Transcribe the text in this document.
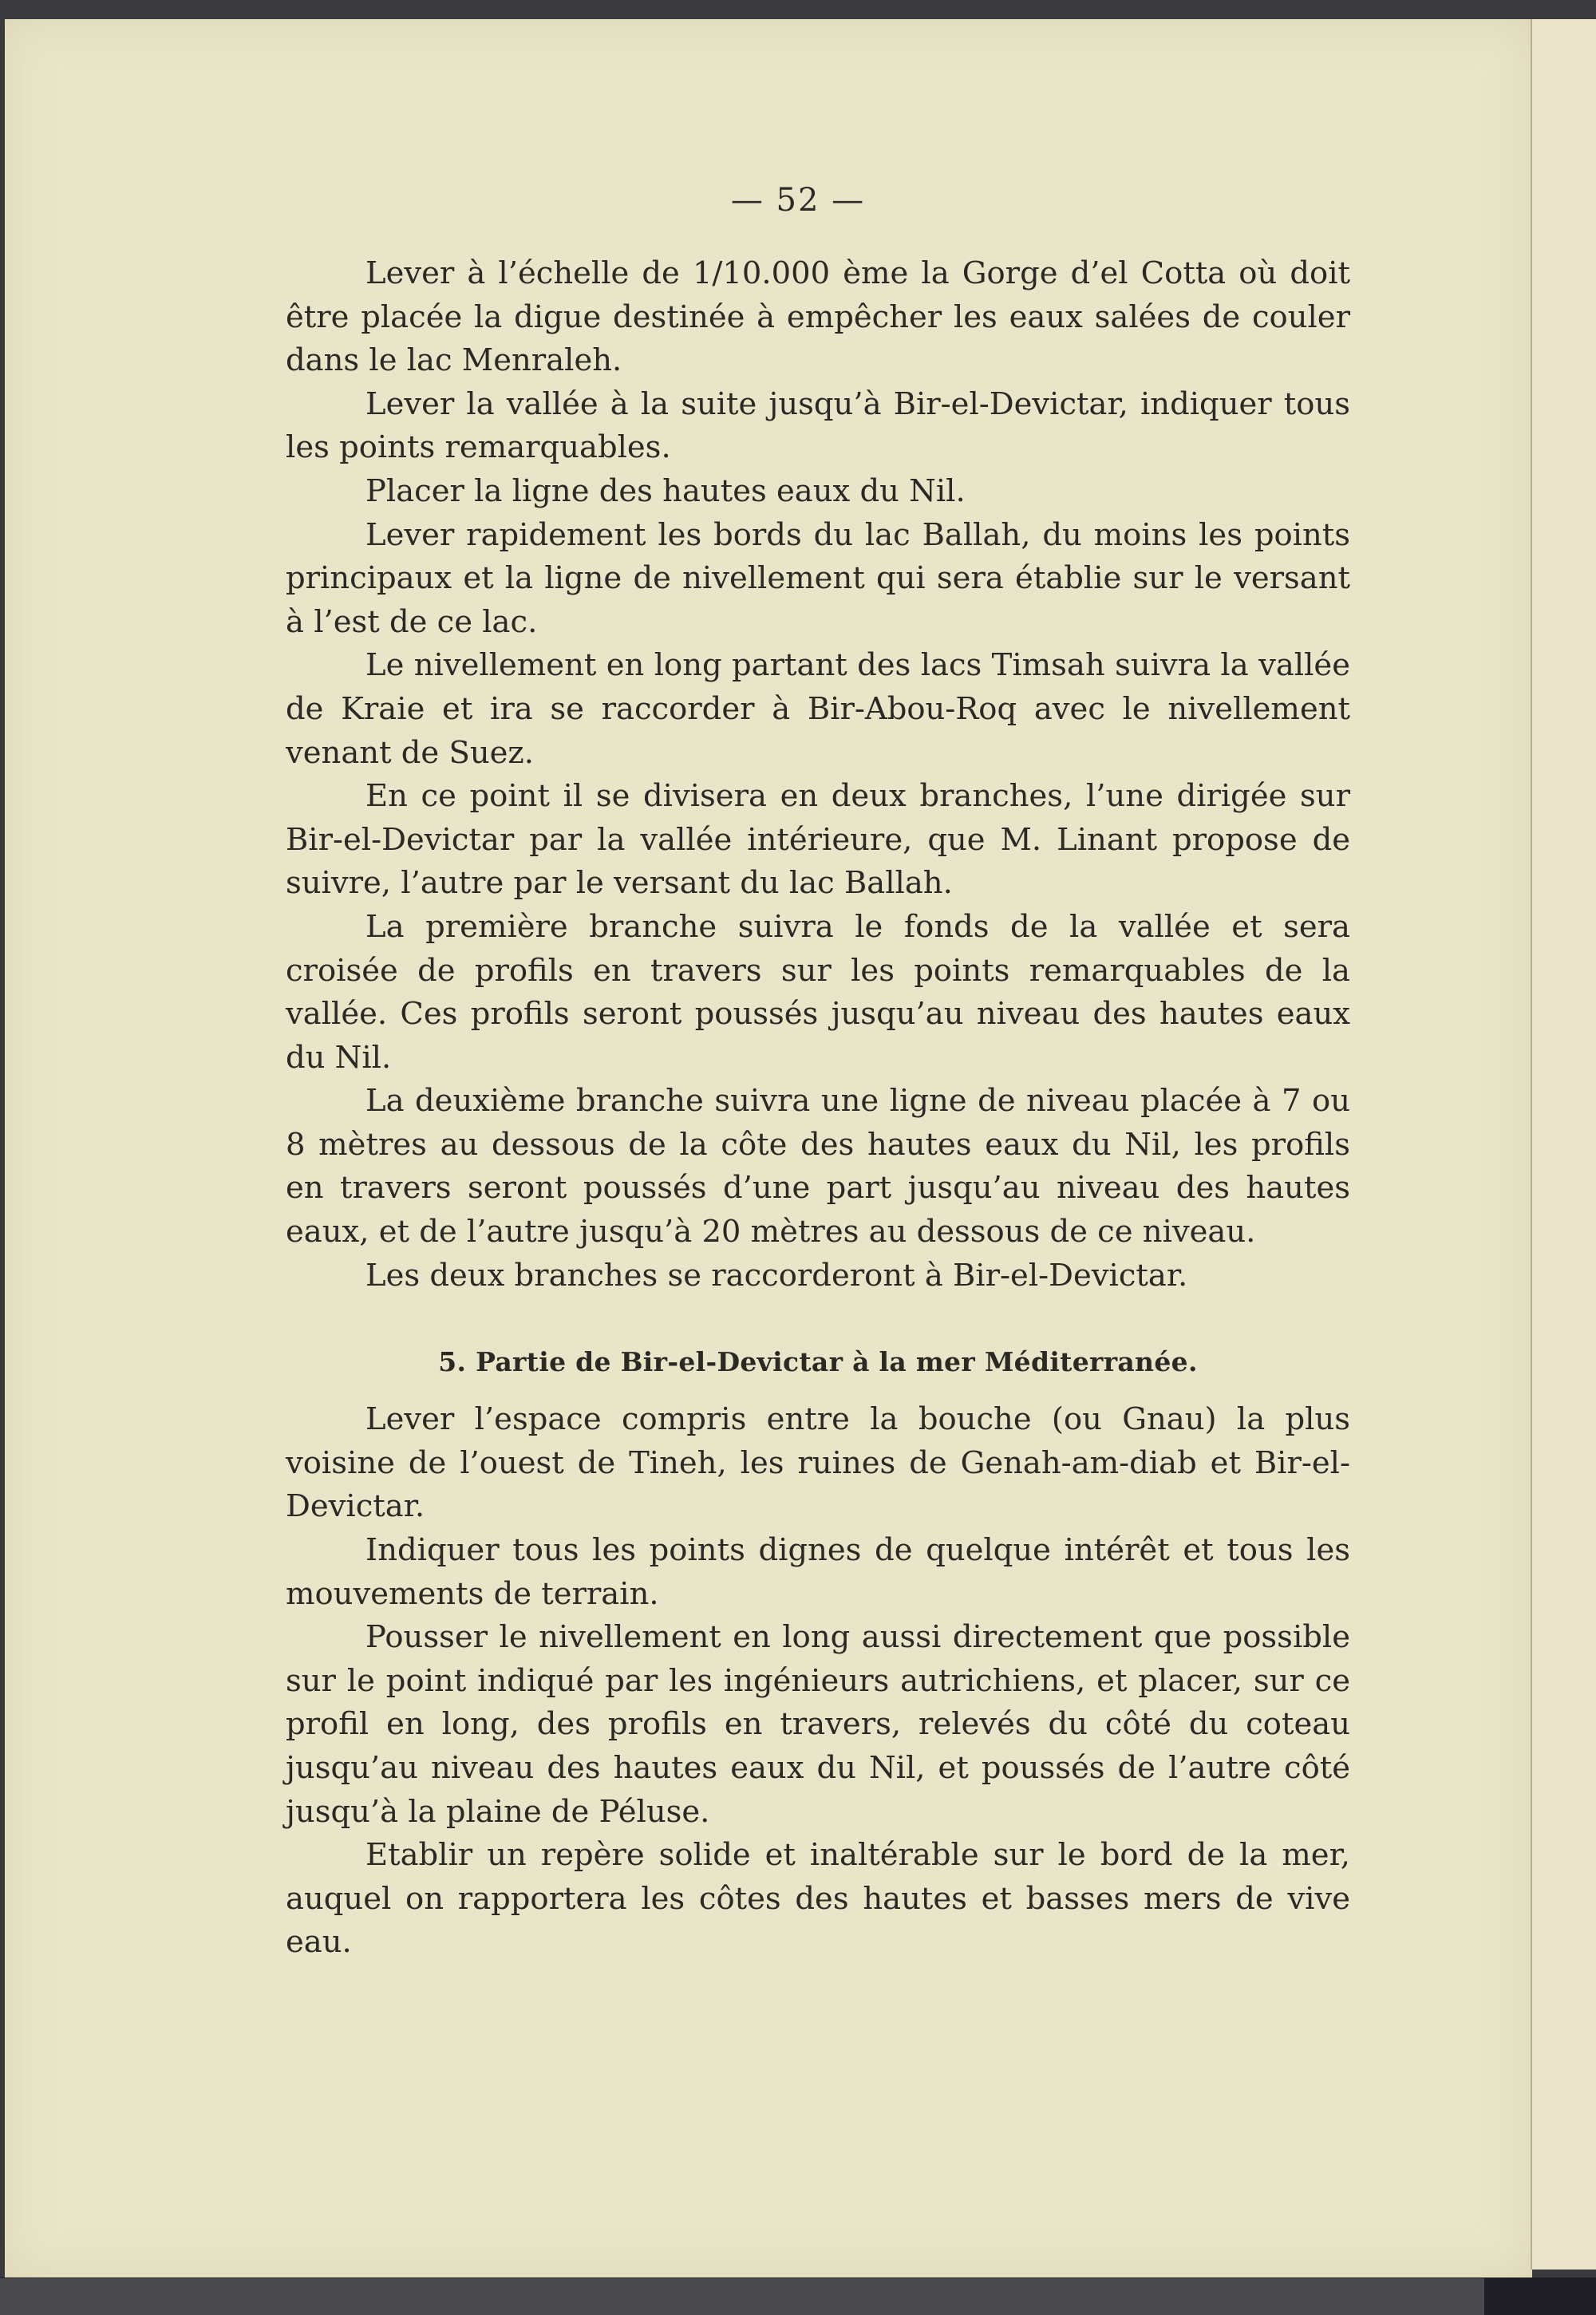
— 52 —

Lever à l’échelle de 1/10.000 ème la Gorge d’el Cotta où doit être placée la digue destinée à empêcher les eaux salées de couler dans le lac Menraleh.

Lever la vallée à la suite jusqu’à Bir-el-Devictar, indiquer tous les points remarquables.

Placer la ligne des hautes eaux du Nil.

Lever rapidement les bords du lac Ballah, du moins les points principaux et la ligne de nivellement qui sera établie sur le versant à l’est de ce lac.

Le nivellement en long partant des lacs Timsah suivra la vallée de Kraie et ira se raccorder à Bir-Abou-Roq avec le nivellement venant de Suez.

En ce point il se divisera en deux branches, l’une dirigée sur Bir-el-Devictar par la vallée intérieure, que M. Linant propose de suivre, l’autre par le versant du lac Ballah.

La première branche suivra le fonds de la vallée et sera croisée de profils en travers sur les points remarquables de la vallée. Ces profils seront poussés jusqu’au niveau des hautes eaux du Nil.

La deuxième branche suivra une ligne de niveau placée à 7 ou 8 mètres au dessous de la côte des hautes eaux du Nil, les profils en travers seront poussés d’une part jusqu’au niveau des hautes eaux, et de l’autre jusqu’à 20 mètres au dessous de ce niveau.

Les deux branches se raccorderont à Bir-el-Devictar.

5. Partie de Bir-el-Devictar à la mer Méditerranée.

Lever l’espace compris entre la bouche (ou Gnau) la plus voisine de l’ouest de Tineh, les ruines de Genah-am-diab et Bir-el-Devictar.

Indiquer tous les points dignes de quelque intérêt et tous les mouvements de terrain.

Pousser le nivellement en long aussi directement que possible sur le point indiqué par les ingénieurs autrichiens, et placer, sur ce profil en long, des profils en travers, relevés du côté du coteau jusqu’au niveau des hautes eaux du Nil, et poussés de l’autre côté jusqu’à la plaine de Péluse.

Etablir un repère solide et inaltérable sur le bord de la mer, auquel on rapportera les côtes des hautes et basses mers de vive eau.
